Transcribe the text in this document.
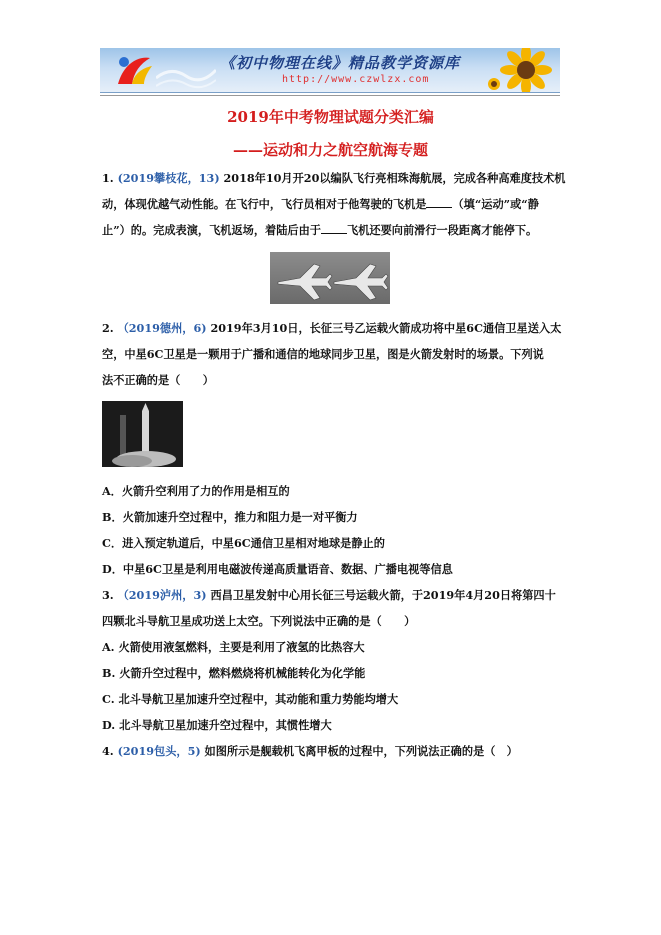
《初中物理在线》精品教学资源库
http://www.czwlzx.com
2019年中考物理试题分类汇编
——运动和力之航空航海专题

1. (2019攀枝花，13) 2018年10月开20以编队飞行亮相珠海航展，完成各种高难度技术机

动，体现优越气动性能。在飞行中，飞行员相对于他驾驶的飞机是 （填“运动”或“静

止”）的。完成表演，飞机返场，着陆后由于 飞机还要向前滑行一段距离才能停下。

2. （2019德州，6) 2019年3月10日，长征三号乙运载火箭成功将中星6C通信卫星送入太

空，中星6C卫星是一颗用于广播和通信的地球同步卫星，图是火箭发射时的场景。下列说

法不正确的是（　　）

A．火箭升空利用了力的作用是相互的

B．火箭加速升空过程中，推力和阻力是一对平衡力

C．进入预定轨道后，中星6C通信卫星相对地球是静止的

D．中星6C卫星是利用电磁波传递高质量语音、数据、广播电视等信息

3. （2019泸州，3) 西昌卫星发射中心用长征三号运载火箭，于2019年4月20日将第四十

四颗北斗导航卫星成功送上太空。下列说法中正确的是（　　）

A. 火箭使用液氢燃料，主要是利用了液氢的比热容大

B. 火箭升空过程中，燃料燃烧将机械能转化为化学能

C. 北斗导航卫星加速升空过程中，其动能和重力势能均增大

D. 北斗导航卫星加速升空过程中，其惯性增大

4. (2019包头，5) 如图所示是舰载机飞离甲板的过程中，下列说法正确的是（　）
